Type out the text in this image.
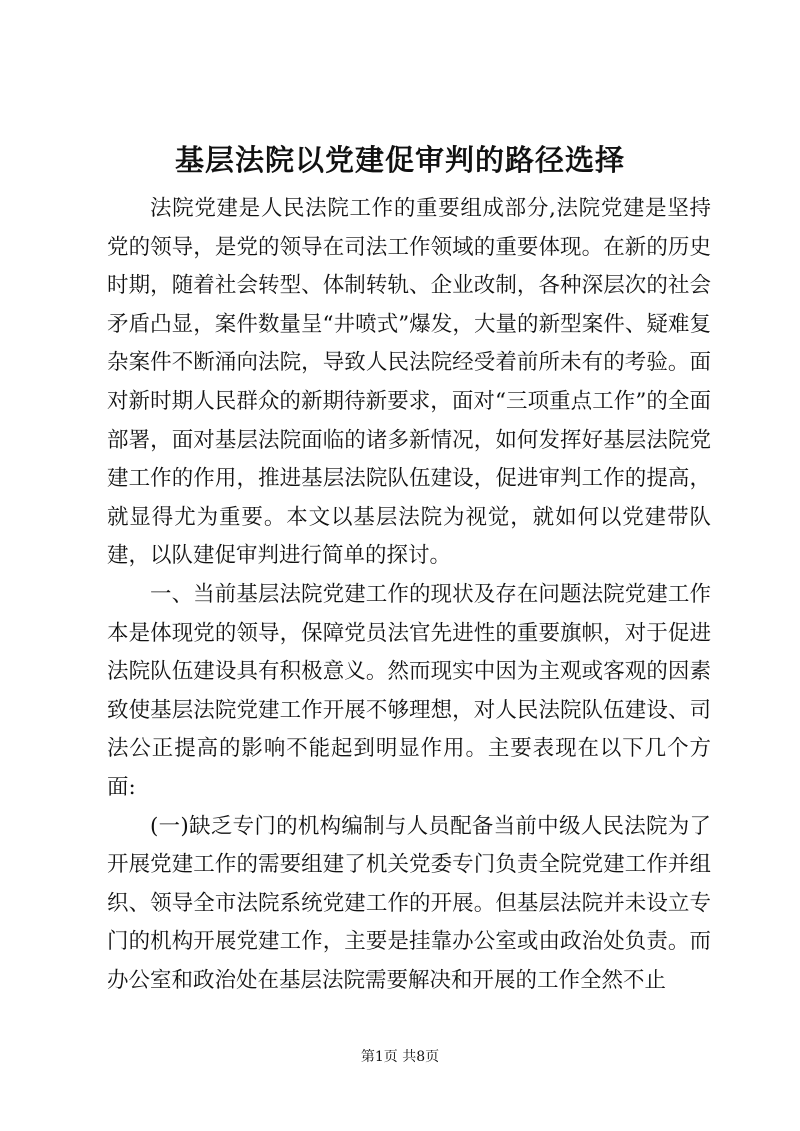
基层法院以党建促审判的路径选择

法院党建是人民法院工作的重要组成部分,法院党建是坚持党的领导，是党的领导在司法工作领域的重要体现。在新的历史时期，随着社会转型、体制转轨、企业改制，各种深层次的社会矛盾凸显，案件数量呈“井喷式”爆发，大量的新型案件、疑难复杂案件不断涌向法院，导致人民法院经受着前所未有的考验。面对新时期人民群众的新期待新要求，面对“三项重点工作”的全面部署，面对基层法院面临的诸多新情况，如何发挥好基层法院党建工作的作用，推进基层法院队伍建设，促进审判工作的提高，就显得尤为重要。本文以基层法院为视觉，就如何以党建带队建，以队建促审判进行简单的探讨。

一、当前基层法院党建工作的现状及存在问题法院党建工作本是体现党的领导，保障党员法官先进性的重要旗帜，对于促进法院队伍建设具有积极意义。然而现实中因为主观或客观的因素致使基层法院党建工作开展不够理想，对人民法院队伍建设、司法公正提高的影响不能起到明显作用。主要表现在以下几个方面:

(一)缺乏专门的机构编制与人员配备当前中级人民法院为了开展党建工作的需要组建了机关党委专门负责全院党建工作并组织、领导全市法院系统党建工作的开展。但基层法院并未设立专门的机构开展党建工作，主要是挂靠办公室或由政治处负责。而办公室和政治处在基层法院需要解决和开展的工作全然不止

第1页 共8页
